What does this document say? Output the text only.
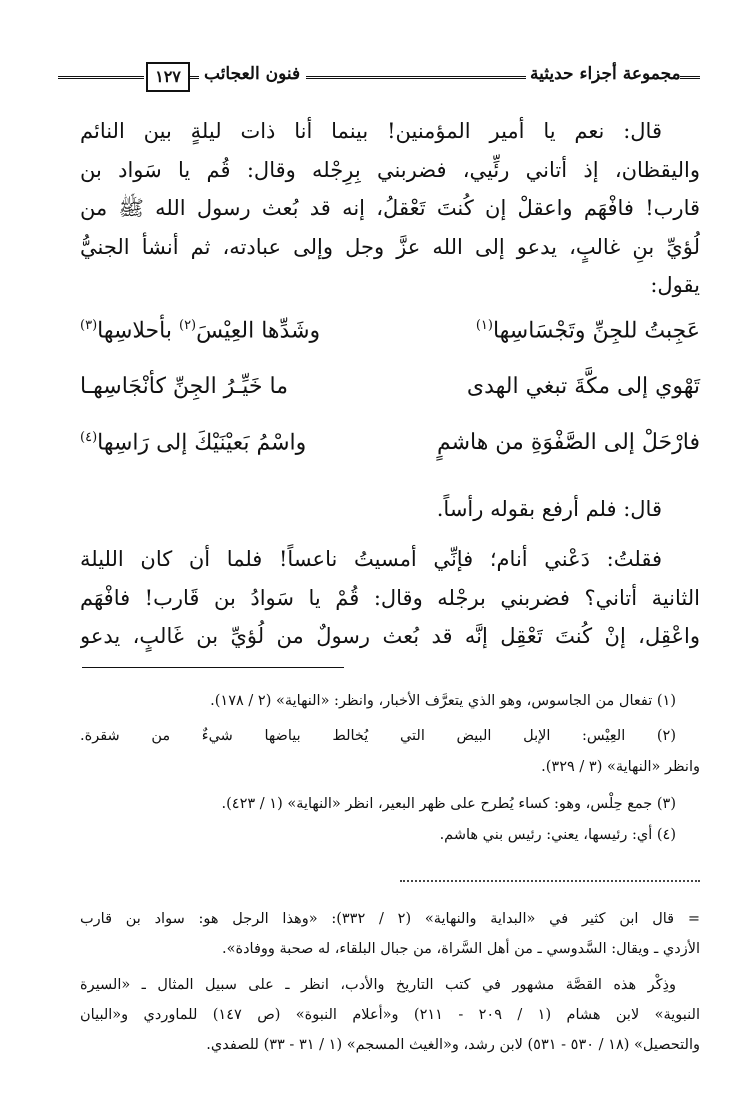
١٢٧	فنون العجائب	مجموعة أجزاء حديثية
قال: نعم يا أمير المؤمنين! بينما أنا ذات ليلةٍ بين النائم
واليقظان، إذ أتاني رئِّيي، فضربني بِرِجْله وقال: قُم يا سَواد بن
قارب! فافْهَم واعقلْ إن كُنتَ تَعْقلُ، إنه قد بُعث رسول الله ﷺ من
لُؤيِّ بنِ غالبٍ، يدعو إلى الله عزَّ وجل وإلى عبادته، ثم أنشأ الجنيُّ
يقول:
عَجِبتُ للجِنِّ وتَجْسَاسِها$^{(١)}$
وشَدِّها العِيْسَ$^{(٢)}$ بأحلاسِها$^{(٣)}$
تَهْوي إلى مكَّةَ تبغي الهدى
ما خَيِّـرُ الجِنِّ كأنْجَاسِهـا
فارْحَلْ إلى الصَّفْوَةِ من هاشمٍ
واسْمُ بَعيْنَيْكَ إلى رَاسِها$^{(٤)}$
قال: فلم أرفع بقوله رأساً.
فقلتُ: دَعْني أنام؛ فإنِّي أمسيتُ ناعساً! فلما أن كان الليلة
الثانية أتاني؟ فضربني برجْله وقال: قُمْ يا سَوادُ بن قَارب! فافْهَم
واعْقِل، إنْ كُنتَ تَعْقِل إنَّه قد بُعث رسولٌ من لُؤيِّ بن غَالبٍ، يدعو
(١) تفعال من الجاسوس، وهو الذي يتعرَّف الأخبار، وانظر: «النهاية» (٢ / ١٧٨).
(٢) العِيْس: الإبل البيض التي يُخالط بياضها شيءٌ من شقرة.
وانظر «النهاية» (٣ / ٣٢٩).
(٣) جمع حِلْس، وهو: كساء يُطرح على ظهر البعير، انظر «النهاية» (١ / ٤٢٣).
(٤) أي: رئيسها، يعني: رئيس بني هاشم.
= قال ابن كثير في «البداية والنهاية» (٢ / ٣٣٢): «وهذا الرجل هو: سواد بن قارب
الأزدي ـ ويقال: السَّدوسي ـ من أهل السَّراة، من جبال البلقاء، له صحبة ووفادة».
وذِكْر هذه القصَّة مشهور في كتب التاريخ والأدب، انظر ـ على سبيل المثال ـ «السيرة
النبوية» لابن هشام (١ / ٢٠٩ - ٢١١) و«أعلام النبوة» (ص ١٤٧) للماوردي و«البيان
والتحصيل» (١٨ / ٥٣٠ - ٥٣١) لابن رشد، و«الغيث المسجم» (١ / ٣١ - ٣٣) للصفدي.
